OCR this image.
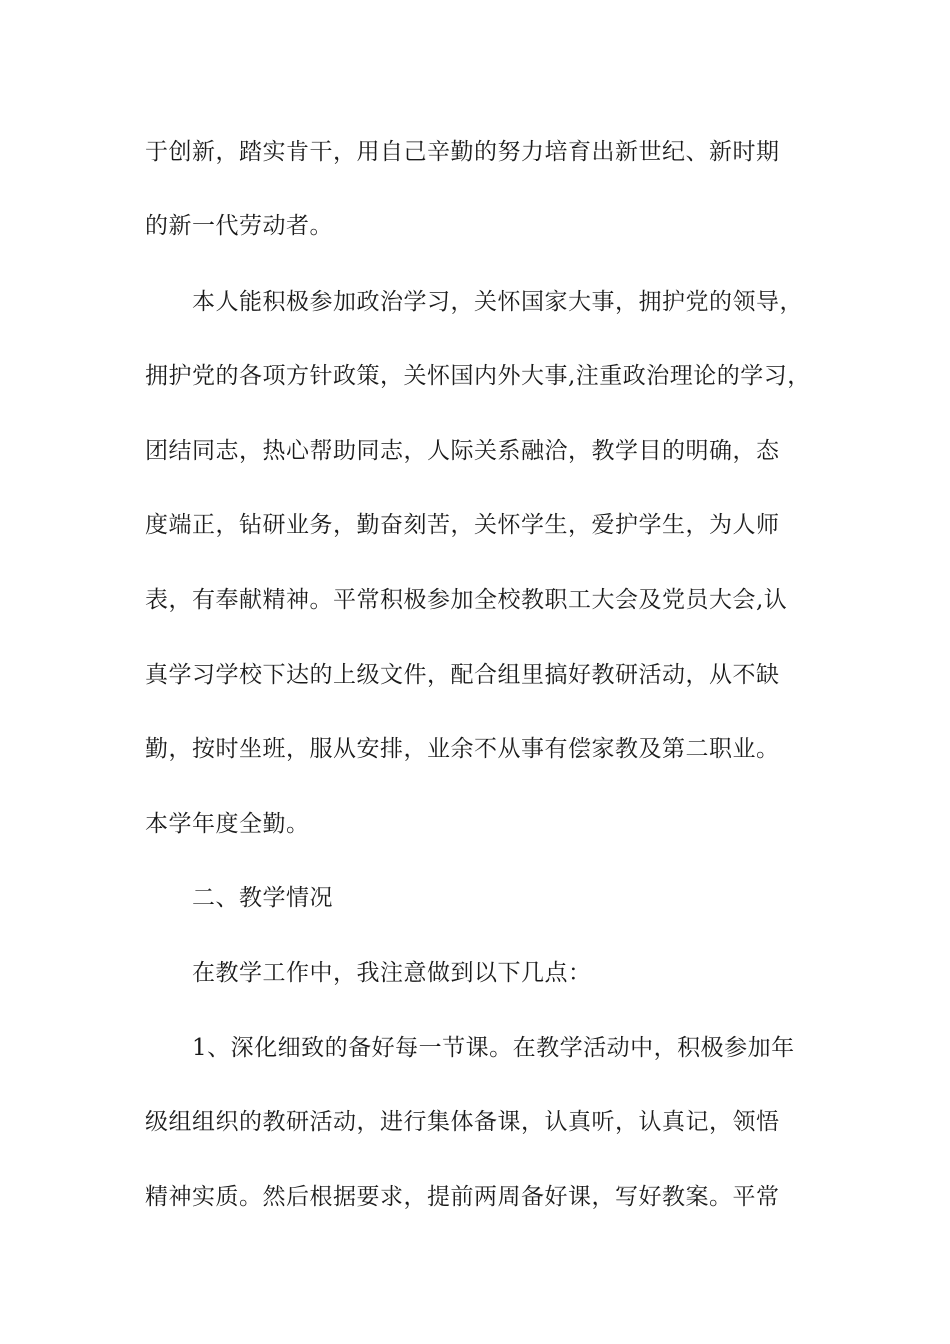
于创新，踏实肯干，用自己辛勤的努力培育出新世纪、新时期
的新一代劳动者。
本人能积极参加政治学习，关怀国家大事，拥护党的领导，
拥护党的各项方针政策，关怀国内外大事,注重政治理论的学习，
团结同志，热心帮助同志，人际关系融洽，教学目的明确，态
度端正，钻研业务，勤奋刻苦，关怀学生，爱护学生，为人师
表，有奉献精神。平常积极参加全校教职工大会及党员大会,认
真学习学校下达的上级文件，配合组里搞好教研活动，从不缺
勤，按时坐班，服从安排，业余不从事有偿家教及第二职业。
本学年度全勤。
二、教学情况
在教学工作中，我注意做到以下几点：
1、深化细致的备好每一节课。在教学活动中，积极参加年
级组组织的教研活动，进行集体备课，认真听，认真记，领悟
精神实质。然后根据要求，提前两周备好课，写好教案。平常
